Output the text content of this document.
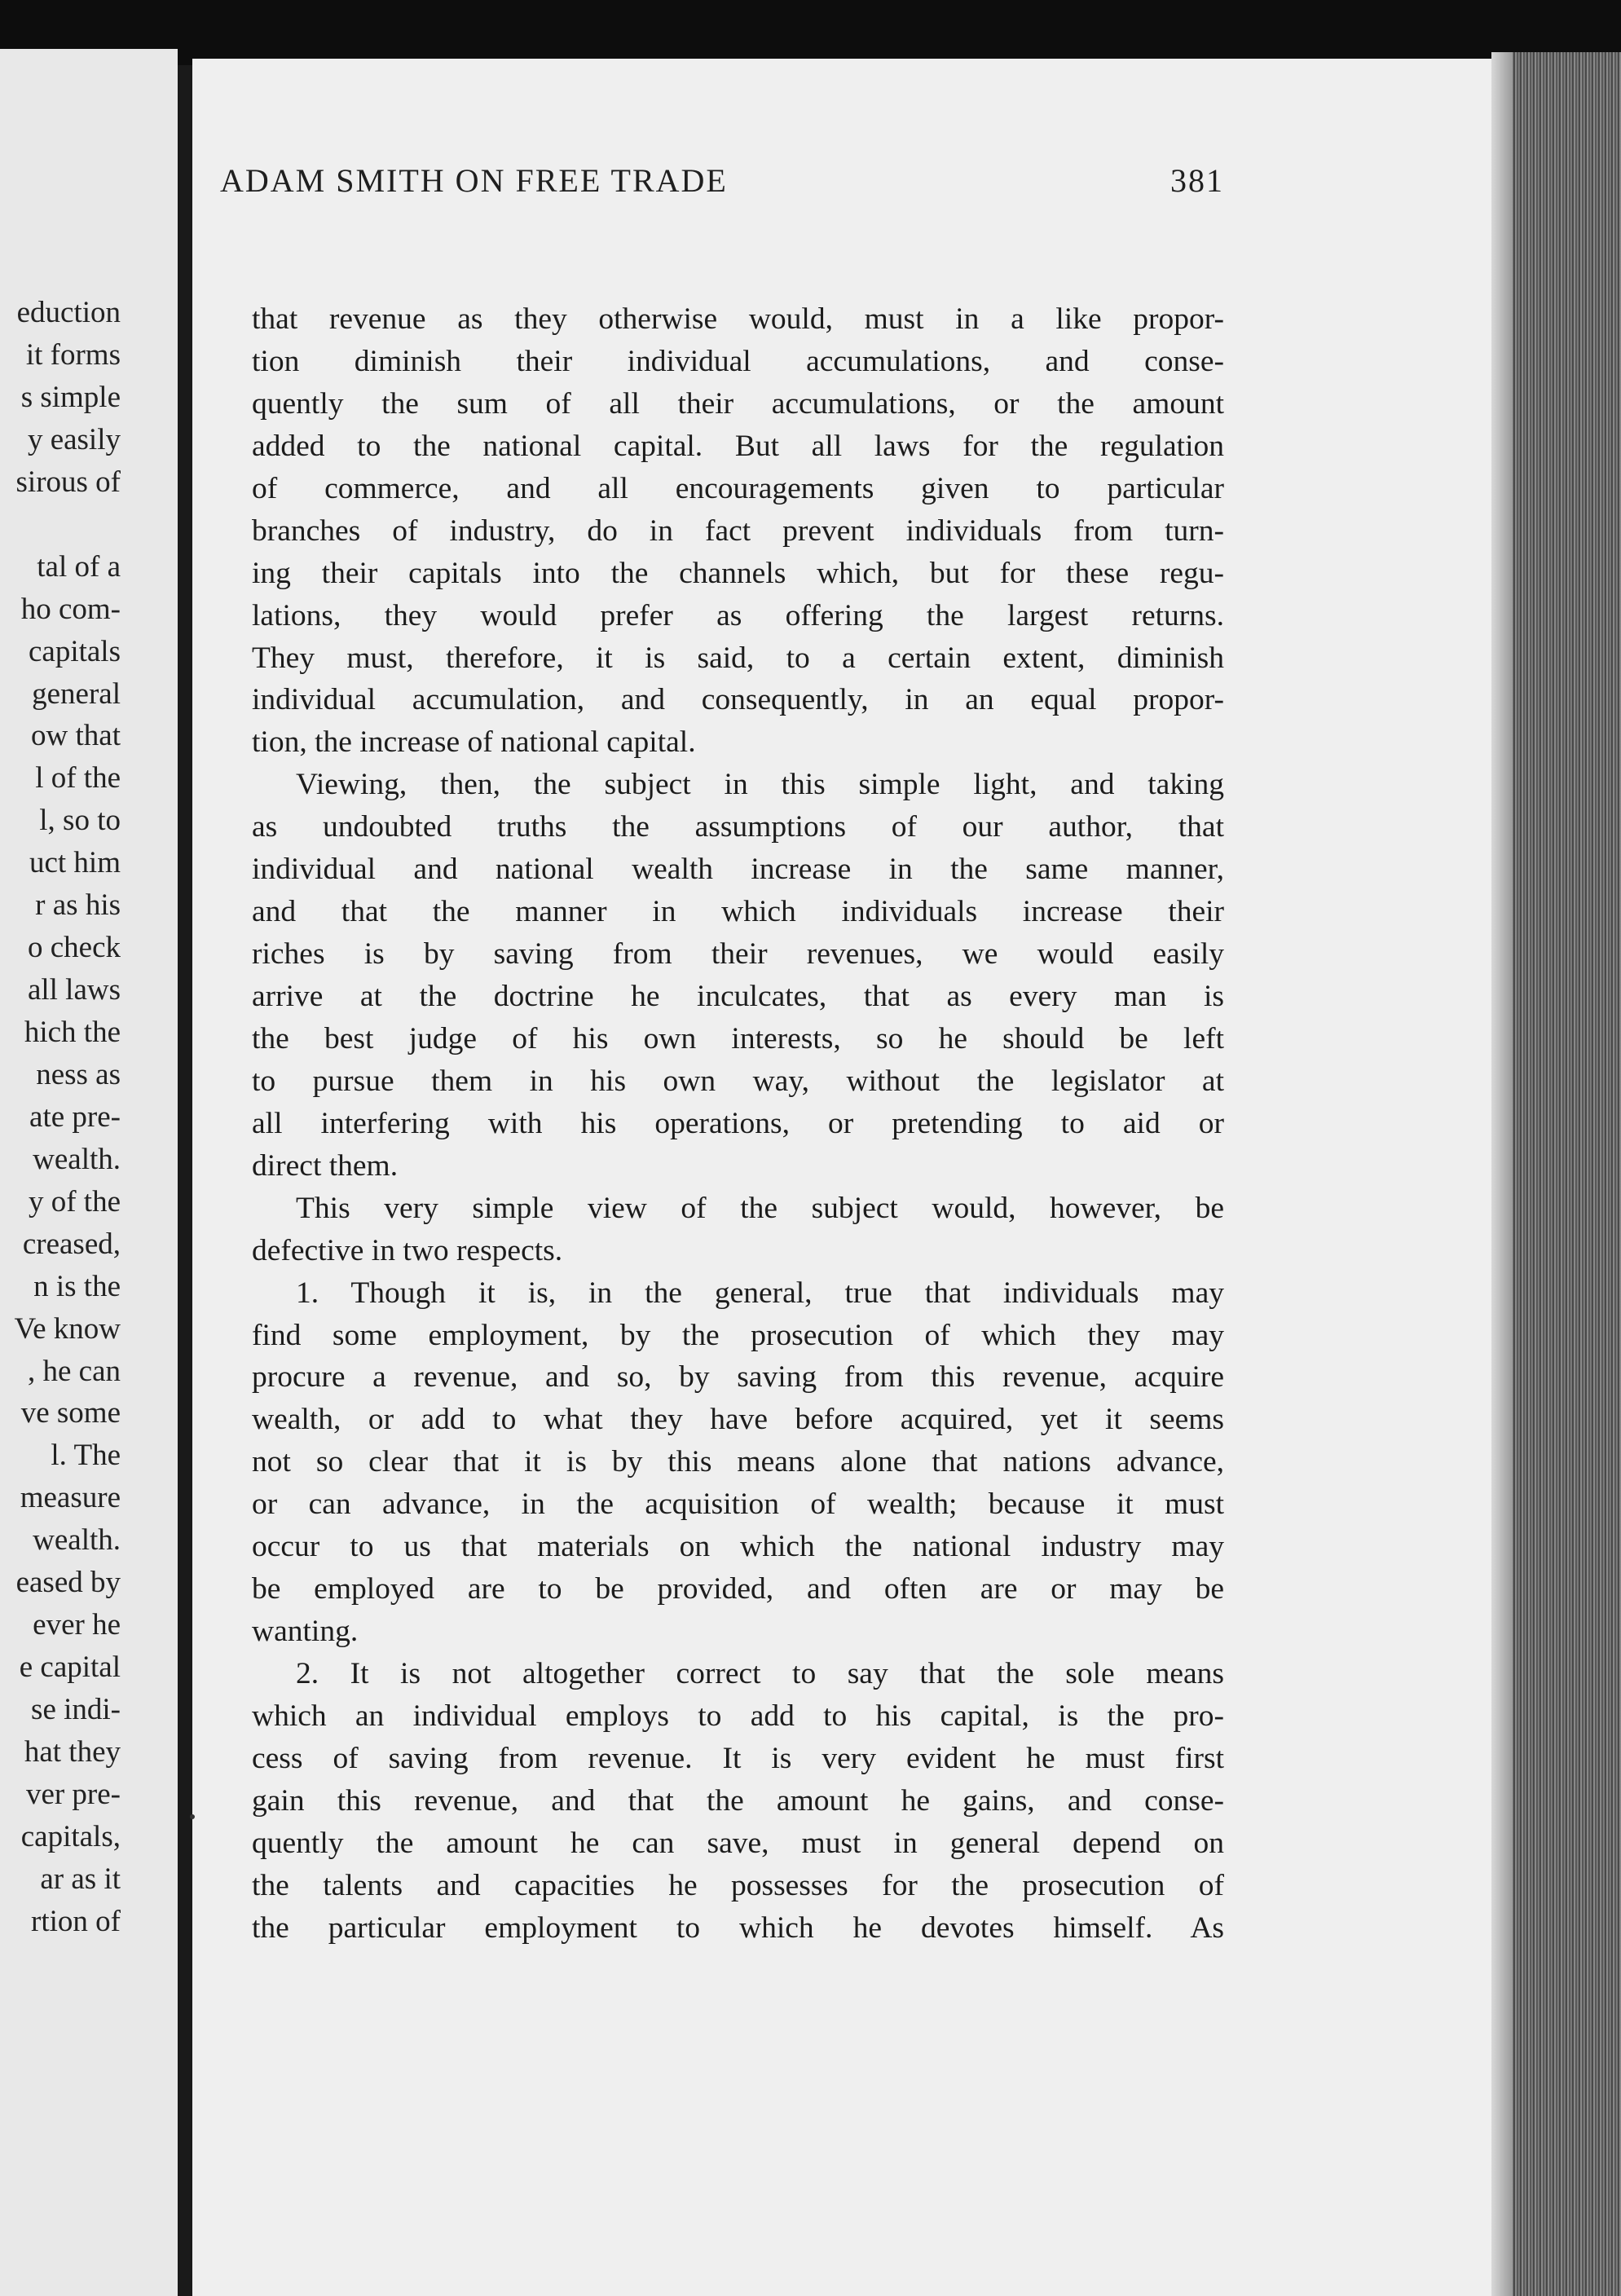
eduction
it forms
s simple
y easily
sirous of
tal of a
ho com-
capitals
general
ow that
l of the
l, so to
uct him
r as his
o check
all laws
hich the
ness as
ate pre-
wealth.
y of the
creased,
n is the
Ve know
, he can
ve some
l. The
measure
wealth.
eased by
ever he
e capital
se indi-
hat they
ver pre-
capitals,
ar as it
rtion of
ADAM SMITH ON FREE TRADE	381
that revenue as they otherwise would, must in a like propor-
tion diminish their individual accumulations, and conse-
quently the sum of all their accumulations, or the amount
added to the national capital. But all laws for the regulation
of commerce, and all encouragements given to particular
branches of industry, do in fact prevent individuals from turn-
ing their capitals into the channels which, but for these regu-
lations, they would prefer as offering the largest returns.
They must, therefore, it is said, to a certain extent, diminish
individual accumulation, and consequently, in an equal propor-
tion, the increase of national capital.
Viewing, then, the subject in this simple light, and taking
as undoubted truths the assumptions of our author, that
individual and national wealth increase in the same manner,
and that the manner in which individuals increase their
riches is by saving from their revenues, we would easily
arrive at the doctrine he inculcates, that as every man is
the best judge of his own interests, so he should be left
to pursue them in his own way, without the legislator at
all interfering with his operations, or pretending to aid or
direct them.
This very simple view of the subject would, however, be
defective in two respects.
1. Though it is, in the general, true that individuals may
find some employment, by the prosecution of which they may
procure a revenue, and so, by saving from this revenue, acquire
wealth, or add to what they have before acquired, yet it seems
not so clear that it is by this means alone that nations advance,
or can advance, in the acquisition of wealth; because it must
occur to us that materials on which the national industry may
be employed are to be provided, and often are or may be
wanting.
2. It is not altogether correct to say that the sole means
which an individual employs to add to his capital, is the pro-
cess of saving from revenue. It is very evident he must first
gain this revenue, and that the amount he gains, and conse-
quently the amount he can save, must in general depend on
the talents and capacities he possesses for the prosecution of
the particular employment to which he devotes himself. As
